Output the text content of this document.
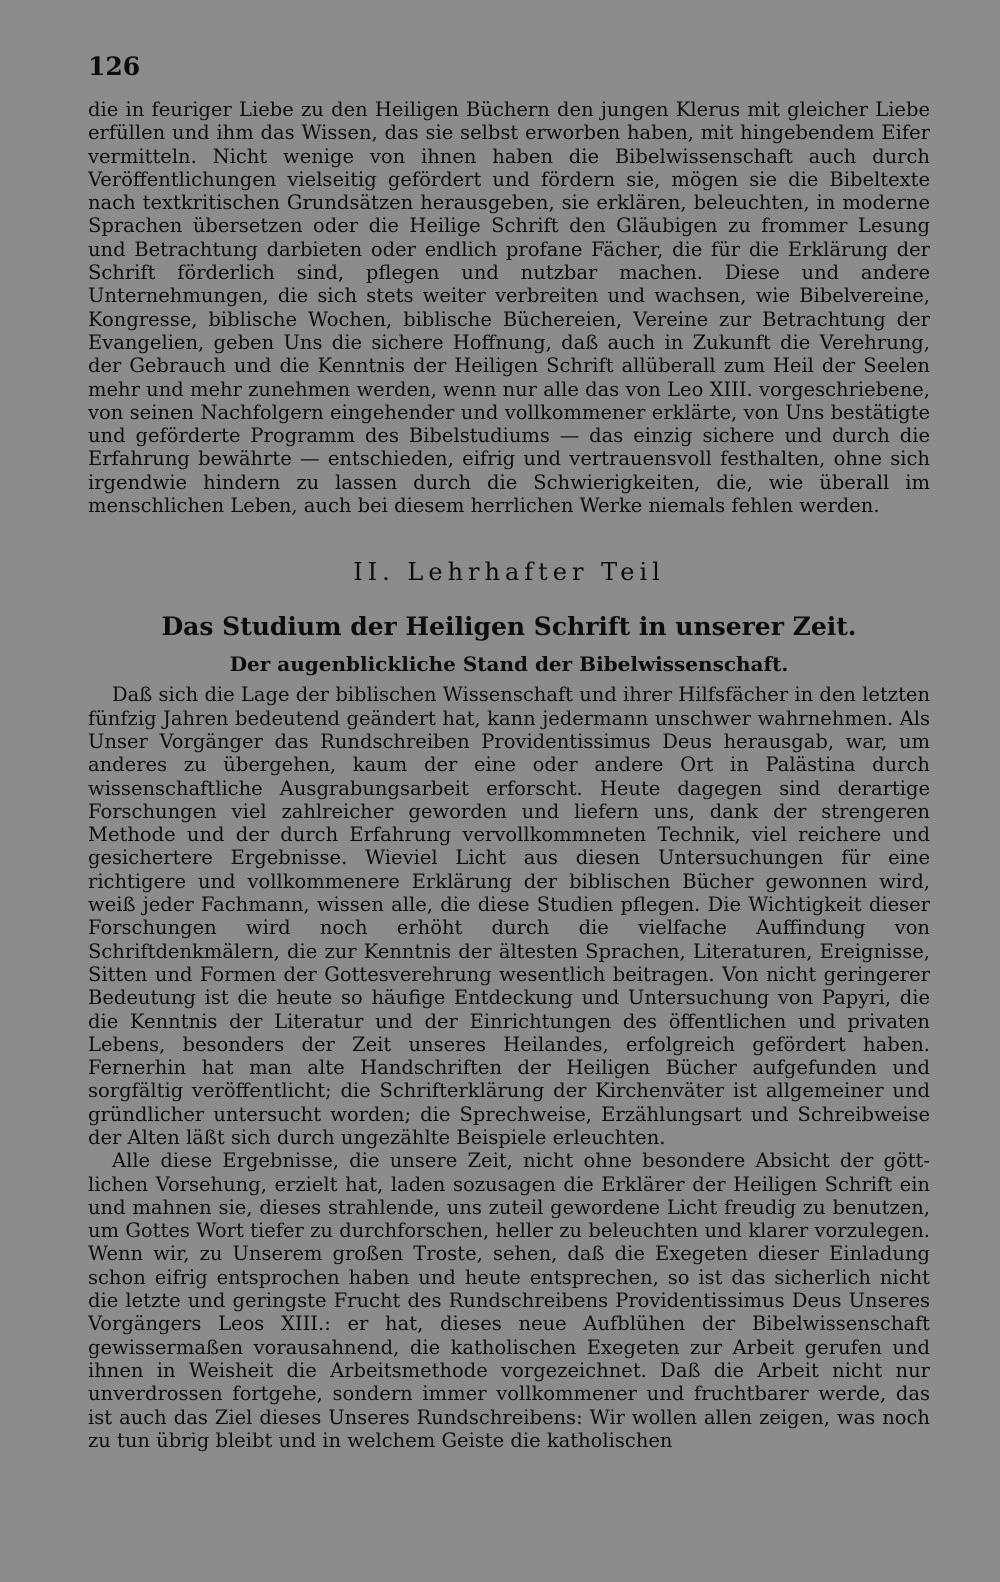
126

die in feuriger Liebe zu den Heiligen Büchern den jungen Klerus mit gleicher Liebe erfüllen und ihm das Wissen, das sie selbst erworben haben, mit hingebendem Eifer vermitteln. Nicht wenige von ihnen haben die Bibelwissenschaft auch durch Veröffentlichungen vielseitig gefördert und fördern sie, mögen sie die Bibeltexte nach textkritischen Grundsätzen herausgeben, sie erklären, beleuchten, in moderne Sprachen übersetzen oder die Heilige Schrift den Gläubigen zu frommer Lesung und Betrachtung darbieten oder endlich profane Fächer, die für die Erklärung der Schrift förderlich sind, pflegen und nutzbar machen. Diese und andere Unternehmungen, die sich stets weiter verbreiten und wachsen, wie Bibelvereine, Kongresse, biblische Wochen, biblische Büchereien, Vereine zur Betrachtung der Evangelien, geben Uns die sichere Hoffnung, daß auch in Zukunft die Verehrung, der Gebrauch und die Kenntnis der Heiligen Schrift allüberall zum Heil der Seelen mehr und mehr zunehmen werden, wenn nur alle das von Leo XIII. vorgeschriebene, von seinen Nachfolgern eingehender und vollkommener erklärte, von Uns bestätigte und geförderte Programm des Bibelstudiums — das einzig sichere und durch die Erfahrung bewährte — entschieden, eifrig und vertrauensvoll festhalten, ohne sich irgendwie hindern zu lassen durch die Schwierigkeiten, die, wie überall im menschlichen Leben, auch bei diesem herrlichen Werke niemals fehlen werden.

II. Lehrhafter Teil
Das Studium der Heiligen Schrift in unserer Zeit.
Der augenblickliche Stand der Bibelwissenschaft.

Daß sich die Lage der biblischen Wissenschaft und ihrer Hilfsfächer in den letzten fünfzig Jahren bedeutend geändert hat, kann jedermann unschwer wahrnehmen. Als Unser Vorgänger das Rundschreiben Providentissimus Deus herausgab, war, um anderes zu übergehen, kaum der eine oder andere Ort in Palästina durch wissenschaftliche Ausgrabungsarbeit erforscht. Heute dagegen sind derartige Forschungen viel zahlreicher geworden und liefern uns, dank der strengeren Methode und der durch Erfahrung vervollkommneten Technik, viel reichere und gesichertere Ergebnisse. Wieviel Licht aus diesen Untersuchungen für eine richtigere und vollkommenere Erklärung der biblischen Bücher gewonnen wird, weiß jeder Fachmann, wissen alle, die diese Studien pflegen. Die Wichtigkeit dieser Forschungen wird noch erhöht durch die vielfache Auffindung von Schriftdenkmälern, die zur Kenntnis der ältesten Sprachen, Literaturen, Ereignisse, Sitten und Formen der Gottesverehrung wesentlich beitragen. Von nicht geringerer Bedeutung ist die heute so häufige Entdeckung und Untersuchung von Papyri, die die Kenntnis der Literatur und der Einrichtungen des öffentlichen und privaten Lebens, besonders der Zeit unseres Heilandes, erfolgreich gefördert haben. Fernerhin hat man alte Handschriften der Heiligen Bücher aufgefunden und sorgfältig veröffentlicht; die Schrifterklärung der Kirchenväter ist allgemeiner und gründlicher untersucht worden; die Sprechweise, Erzählungsart und Schreibweise der Alten läßt sich durch ungezählte Beispiele erleuchten.

Alle diese Ergebnisse, die unsere Zeit, nicht ohne besondere Absicht der göttlichen Vorsehung, erzielt hat, laden sozusagen die Erklärer der Heiligen Schrift ein und mahnen sie, dieses strahlende, uns zuteil gewordene Licht freudig zu benutzen, um Gottes Wort tiefer zu durchforschen, heller zu beleuchten und klarer vorzulegen. Wenn wir, zu Unserem großen Troste, sehen, daß die Exegeten dieser Einladung schon eifrig entsprochen haben und heute entsprechen, so ist das sicherlich nicht die letzte und geringste Frucht des Rundschreibens Providentissimus Deus Unseres Vorgängers Leos XIII.: er hat, dieses neue Aufblühen der Bibelwissenschaft gewissermaßen vorausahnend, die katholischen Exegeten zur Arbeit gerufen und ihnen in Weisheit die Arbeitsmethode vorgezeichnet. Daß die Arbeit nicht nur unverdrossen fortgehe, sondern immer vollkommener und fruchtbarer werde, das ist auch das Ziel dieses Unseres Rundschreibens: Wir wollen allen zeigen, was noch zu tun übrig bleibt und in welchem Geiste die katholischen
